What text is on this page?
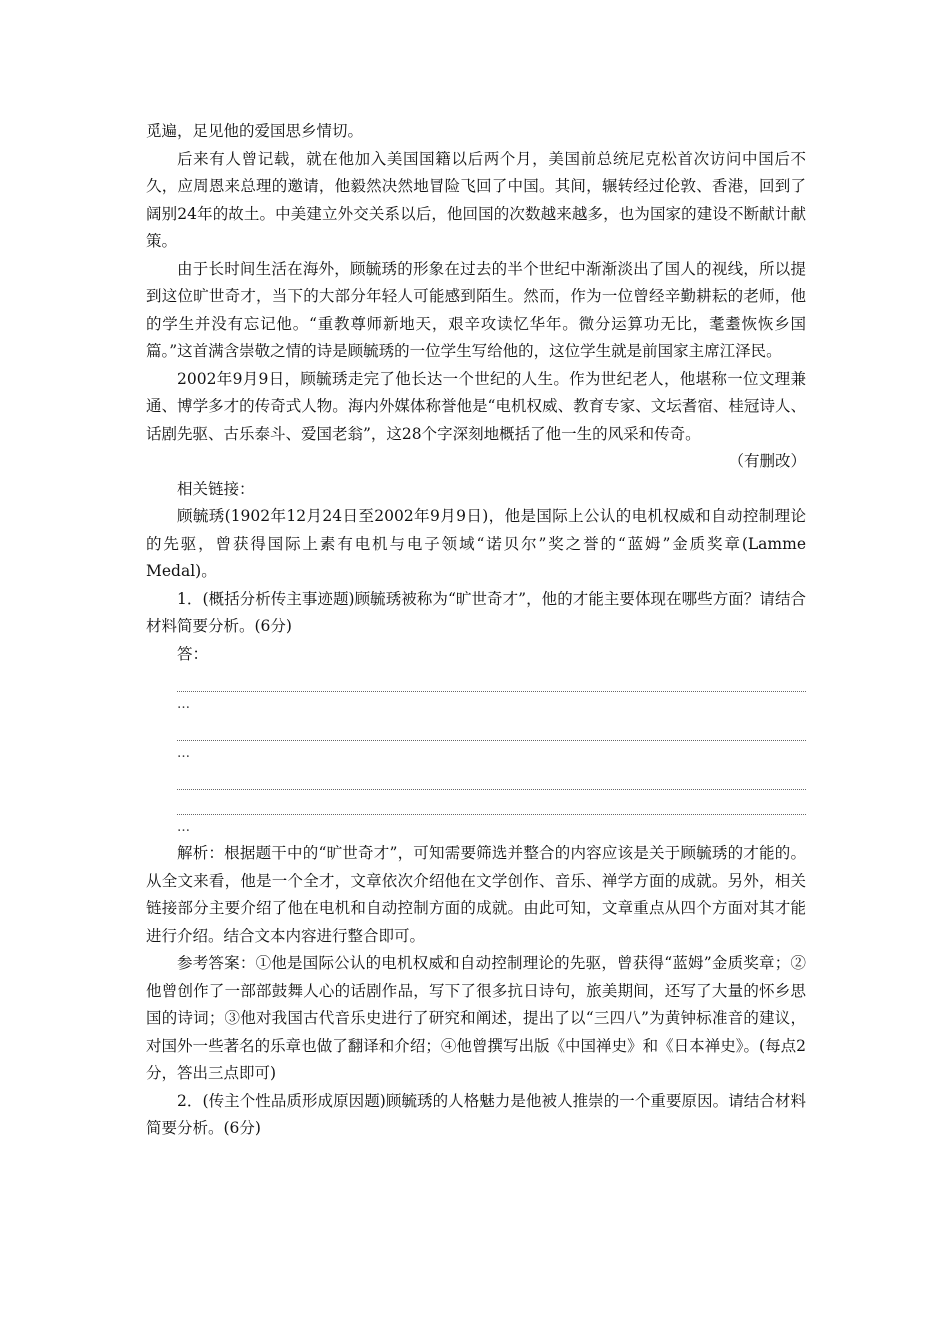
觅遍，足见他的爱国思乡情切。

后来有人曾记载，就在他加入美国国籍以后两个月，美国前总统尼克松首次访问中国后不久，应周恩来总理的邀请，他毅然决然地冒险飞回了中国。其间，辗转经过伦敦、香港，回到了阔别24年的故土。中美建立外交关系以后，他回国的次数越来越多，也为国家的建设不断献计献策。

由于长时间生活在海外，顾毓琇的形象在过去的半个世纪中渐渐淡出了国人的视线，所以提到这位旷世奇才，当下的大部分年轻人可能感到陌生。然而，作为一位曾经辛勤耕耘的老师，他的学生并没有忘记他。“重教尊师新地天，艰辛攻读忆华年。微分运算功无比，耄耋恢恢乡国篇。”这首满含崇敬之情的诗是顾毓琇的一位学生写给他的，这位学生就是前国家主席江泽民。

2002年9月9日，顾毓琇走完了他长达一个世纪的人生。作为世纪老人，他堪称一位文理兼通、博学多才的传奇式人物。海内外媒体称誉他是“电机权威、教育专家、文坛耆宿、桂冠诗人、话剧先驱、古乐泰斗、爱国老翁”，这28个字深刻地概括了他一生的风采和传奇。

（有删改）

相关链接：

顾毓琇(1902年12月24日至2002年9月9日)，他是国际上公认的电机权威和自动控制理论的先驱，曾获得国际上素有电机与电子领域“诺贝尔”奖之誉的“蓝姆”金质奖章(Lamme Medal)。

1．(概括分析传主事迹题)顾毓琇被称为“旷世奇才”，他的才能主要体现在哪些方面？请结合材料简要分析。(6分)

答：

…
…
…

解析：根据题干中的“旷世奇才”，可知需要筛选并整合的内容应该是关于顾毓琇的才能的。从全文来看，他是一个全才，文章依次介绍他在文学创作、音乐、禅学方面的成就。另外，相关链接部分主要介绍了他在电机和自动控制方面的成就。由此可知，文章重点从四个方面对其才能进行介绍。结合文本内容进行整合即可。

参考答案：①他是国际公认的电机权威和自动控制理论的先驱，曾获得“蓝姆”金质奖章；②他曾创作了一部部鼓舞人心的话剧作品，写下了很多抗日诗句，旅美期间，还写了大量的怀乡思国的诗词；③他对我国古代音乐史进行了研究和阐述，提出了以“三四八”为黄钟标准音的建议，对国外一些著名的乐章也做了翻译和介绍；④他曾撰写出版《中国禅史》和《日本禅史》。(每点2分，答出三点即可)

2．(传主个性品质形成原因题)顾毓琇的人格魅力是他被人推崇的一个重要原因。请结合材料简要分析。(6分)
